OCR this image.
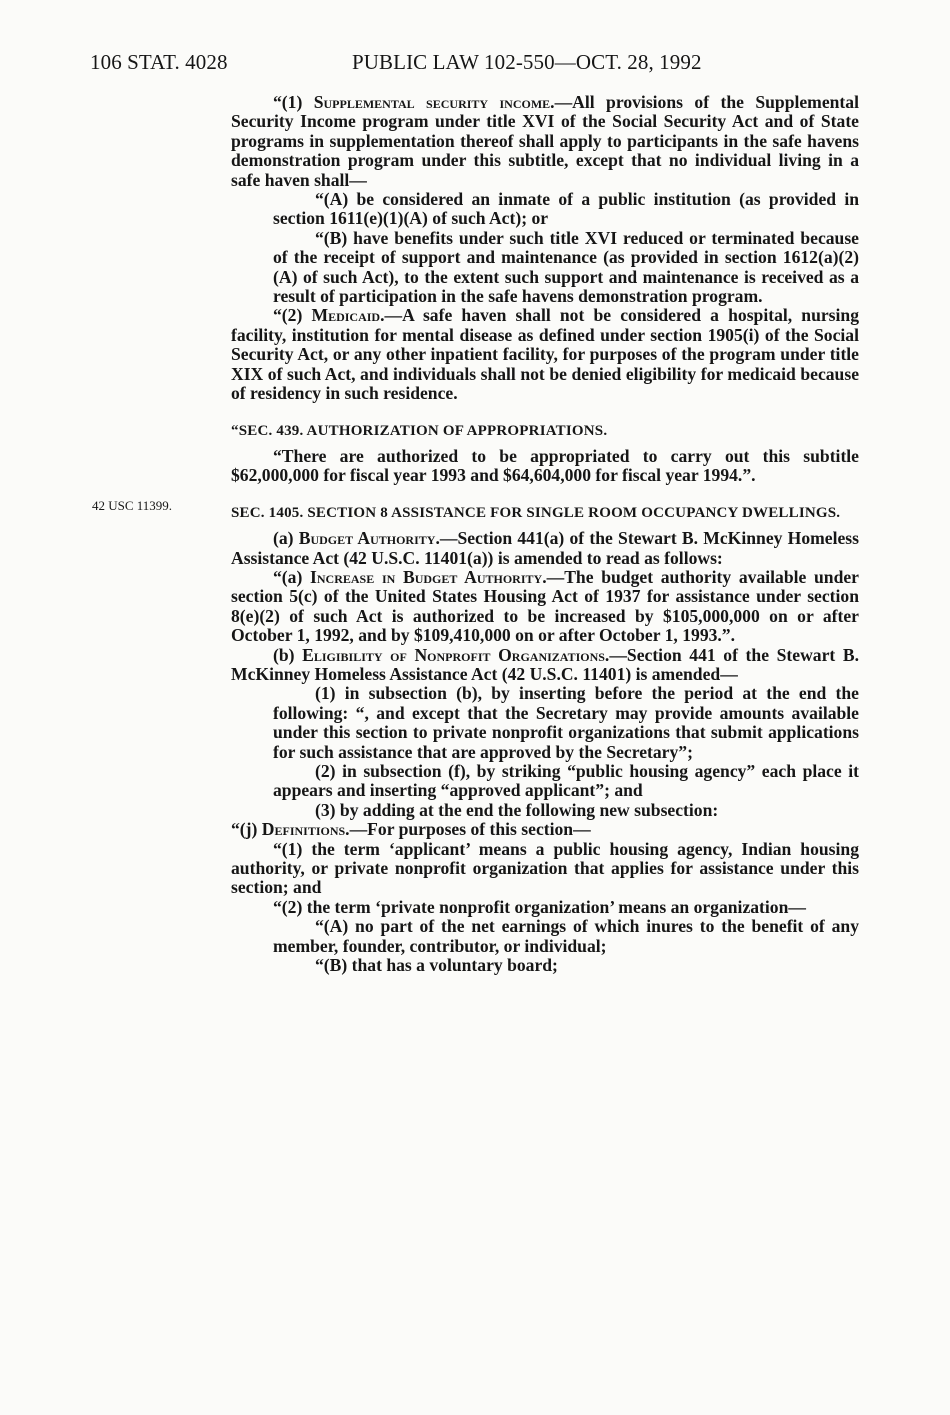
106 STAT. 4028	PUBLIC LAW 102-550—OCT. 28, 1992
42 USC 11399.

“(1) Supplemental security income.—All provisions of the Supplemental Security Income program under title XVI of the Social Security Act and of State programs in supplementation thereof shall apply to participants in the safe havens demonstration program under this subtitle, except that no individual living in a safe haven shall—

“(A) be considered an inmate of a public institution (as provided in section 1611(e)(1)(A) of such Act); or

“(B) have benefits under such title XVI reduced or terminated because of the receipt of support and maintenance (as provided in section 1612(a)(2)(A) of such Act), to the extent such support and maintenance is received as a result of participation in the safe havens demonstration program.

“(2) Medicaid.—A safe haven shall not be considered a hospital, nursing facility, institution for mental disease as defined under section 1905(i) of the Social Security Act, or any other inpatient facility, for purposes of the program under title XIX of such Act, and individuals shall not be denied eligibility for medicaid because of residency in such residence.

“SEC. 439. AUTHORIZATION OF APPROPRIATIONS.

“There are authorized to be appropriated to carry out this subtitle $62,000,000 for fiscal year 1993 and $64,604,000 for fiscal year 1994.”.

SEC. 1405. SECTION 8 ASSISTANCE FOR SINGLE ROOM OCCUPANCY DWELLINGS.

(a) Budget Authority.—Section 441(a) of the Stewart B. McKinney Homeless Assistance Act (42 U.S.C. 11401(a)) is amended to read as follows:

“(a) Increase in Budget Authority.—The budget authority available under section 5(c) of the United States Housing Act of 1937 for assistance under section 8(e)(2) of such Act is authorized to be increased by $105,000,000 on or after October 1, 1992, and by $109,410,000 on or after October 1, 1993.”.

(b) Eligibility of Nonprofit Organizations.—Section 441 of the Stewart B. McKinney Homeless Assistance Act (42 U.S.C. 11401) is amended—

(1) in subsection (b), by inserting before the period at the end the following: “, and except that the Secretary may provide amounts available under this section to private nonprofit organizations that submit applications for such assistance that are approved by the Secretary”;

(2) in subsection (f), by striking “public housing agency” each place it appears and inserting “approved applicant”; and

(3) by adding at the end the following new subsection:

“(j) Definitions.—For purposes of this section—

“(1) the term ‘applicant’ means a public housing agency, Indian housing authority, or private nonprofit organization that applies for assistance under this section; and

“(2) the term ‘private nonprofit organization’ means an organization—

“(A) no part of the net earnings of which inures to the benefit of any member, founder, contributor, or individual;

“(B) that has a voluntary board;
